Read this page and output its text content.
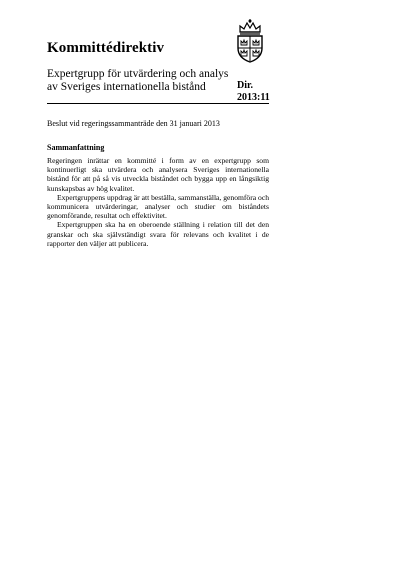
Kommittédirektiv
Expertgrupp för utvärdering och analys
av Sveriges internationella bistånd	Dir.
2013:11
Beslut vid regeringssammanträde den 31 januari 2013
Sammanfattning

Regeringen inrättar en kommitté i form av en expertgrupp som kontinuerligt ska utvärdera och analysera Sveriges internationella bistånd för att på så vis utveckla biståndet och bygga upp en långsiktig kunskapsbas av hög kvalitet.

Expertgruppens uppdrag är att beställa, sammanställa, genomföra och kommunicera utvärderingar, analyser och studier om biståndets genomförande, resultat och effektivitet.

Expertgruppen ska ha en oberoende ställning i relation till det den granskar och ska självständigt svara för relevans och kvalitet i de rapporter den väljer att publicera.
